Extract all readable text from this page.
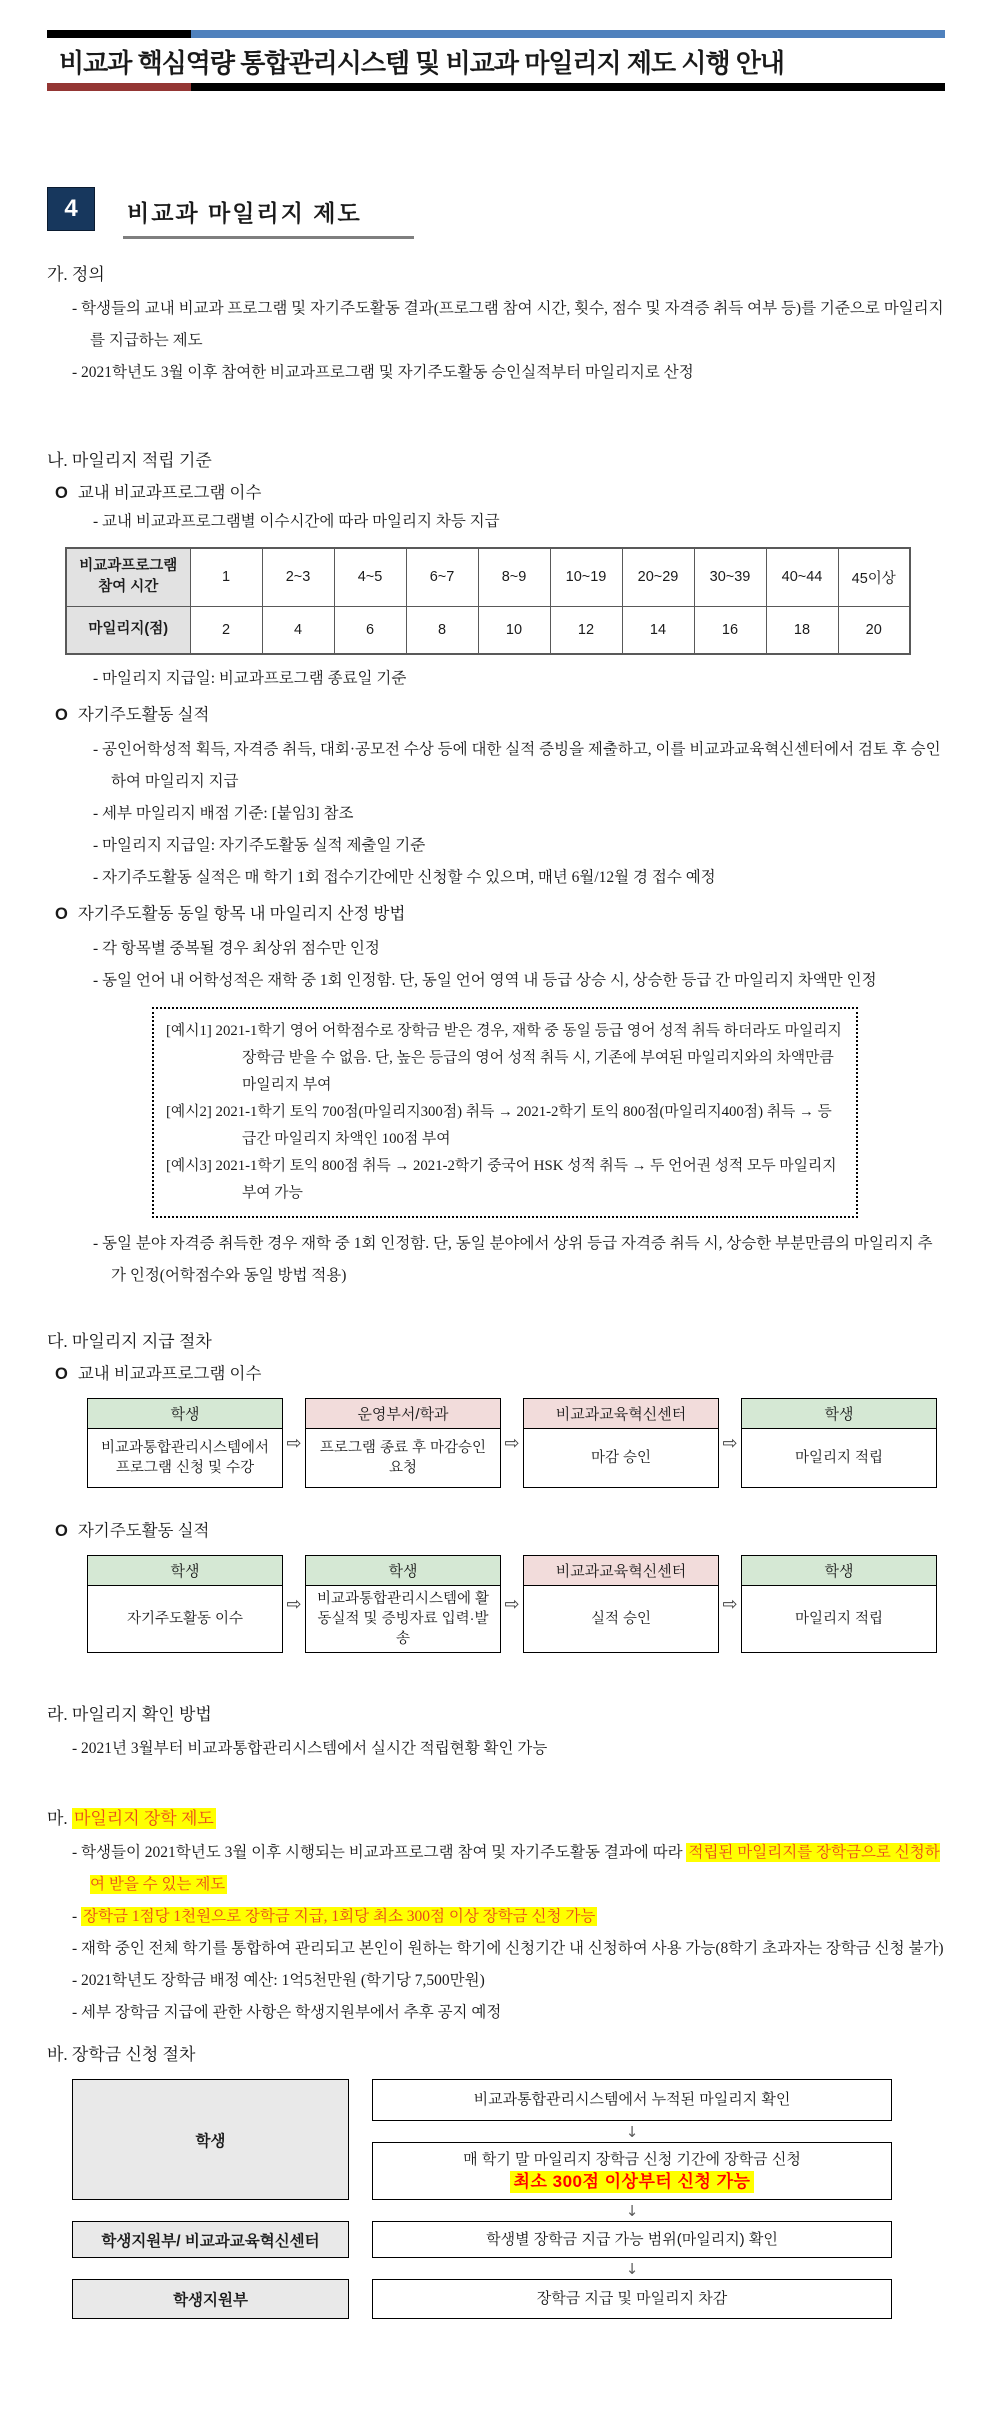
비교과 핵심역량 통합관리시스템 및 비교과 마일리지 제도 시행 안내
4	비교과 마일리지 제도
가. 정의
- 학생들의 교내 비교과 프로그램 및 자기주도활동 결과(프로그램 참여 시간, 횟수, 점수 및 자격증 취득 여부 등)를 기준으로 마일리지를 지급하는 제도
- 2021학년도 3월 이후 참여한 비교과프로그램 및 자기주도활동 승인실적부터 마일리지로 산정
나. 마일리지 적립 기준
O 교내 비교과프로그램 이수
- 교내 비교과프로그램별 이수시간에 따라 마일리지 차등 지급
비교과프로그램
참여 시간	1	2~3	4~5	6~7	8~9	10~19	20~29	30~39	40~44	45이상
마일리지(점)	2	4	6	8	10	12	14	16	18	20
- 마일리지 지급일: 비교과프로그램 종료일 기준
O 자기주도활동 실적
- 공인어학성적 획득, 자격증 취득, 대회·공모전 수상 등에 대한 실적 증빙을 제출하고, 이를 비교과교육혁신센터에서 검토 후 승인하여 마일리지 지급
- 세부 마일리지 배점 기준: [붙임3] 참조
- 마일리지 지급일: 자기주도활동 실적 제출일 기준
- 자기주도활동 실적은 매 학기 1회 접수기간에만 신청할 수 있으며, 매년 6월/12월 경 접수 예정
O 자기주도활동 동일 항목 내 마일리지 산정 방법
- 각 항목별 중복될 경우 최상위 점수만 인정
- 동일 언어 내 어학성적은 재학 중 1회 인정함. 단, 동일 언어 영역 내 등급 상승 시, 상승한 등급 간 마일리지 차액만 인정

[예시1] 2021-1학기 영어 어학점수로 장학금 받은 경우, 재학 중 동일 등급 영어 성적 취득 하더라도 마일리지 장학금 받을 수 없음. 단, 높은 등급의 영어 성적 취득 시, 기존에 부여된 마일리지와의 차액만큼 마일리지 부여

[예시2] 2021-1학기 토익 700점(마일리지300점) 취득 → 2021-2학기 토익 800점(마일리지400점) 취득 → 등급간 마일리지 차액인 100점 부여

[예시3] 2021-1학기 토익 800점 취득 → 2021-2학기 중국어 HSK 성적 취득 → 두 언어권 성적 모두 마일리지 부여 가능

- 동일 분야 자격증 취득한 경우 재학 중 1회 인정함. 단, 동일 분야에서 상위 등급 자격증 취득 시, 상승한 부분만큼의 마일리지 추가 인정(어학점수와 동일 방법 적용)
다. 마일리지 지급 절차
O 교내 비교과프로그램 이수
학생
비교과통합관리시스템에서 프로그램 신청 및 수강
⇨
운영부서/학과
프로그램 종료 후 마감승인 요청
⇨
비교과교육혁신센터
마감 승인
⇨
학생
마일리지 적립
O 자기주도활동 실적
학생
자기주도활동 이수
⇨
학생
비교과통합관리시스템에 활동실적 및 증빙자료 입력·발송
⇨
비교과교육혁신센터
실적 승인
⇨
학생
마일리지 적립
라. 마일리지 확인 방법
- 2021년 3월부터 비교과통합관리시스템에서 실시간 적립현황 확인 가능
마. 마일리지 장학 제도
- 학생들이 2021학년도 3월 이후 시행되는 비교과프로그램 참여 및 자기주도활동 결과에 따라 적립된 마일리지를 장학금으로 신청하여 받을 수 있는 제도
- 장학금 1점당 1천원으로 장학금 지급, 1회당 최소 300점 이상 장학금 신청 가능
- 재학 중인 전체 학기를 통합하여 관리되고 본인이 원하는 학기에 신청기간 내 신청하여 사용 가능(8학기 초과자는 장학금 신청 불가)
- 2021학년도 장학금 배정 예산: 1억5천만원 (학기당 7,500만원)
- 세부 장학금 지급에 관한 사항은 학생지원부에서 추후 공지 예정
바. 장학금 신청 절차
학생
학생지원부/ 비교과교육혁신센터
학생지원부
비교과통합관리시스템에서 누적된 마일리지 확인
↓
매 학기 말 마일리지 장학금 신청 기간에 장학금 신청
최소 300점 이상부터 신청 가능
↓
학생별 장학금 지급 가능 범위(마일리지) 확인
↓
장학금 지급 및 마일리지 차감
